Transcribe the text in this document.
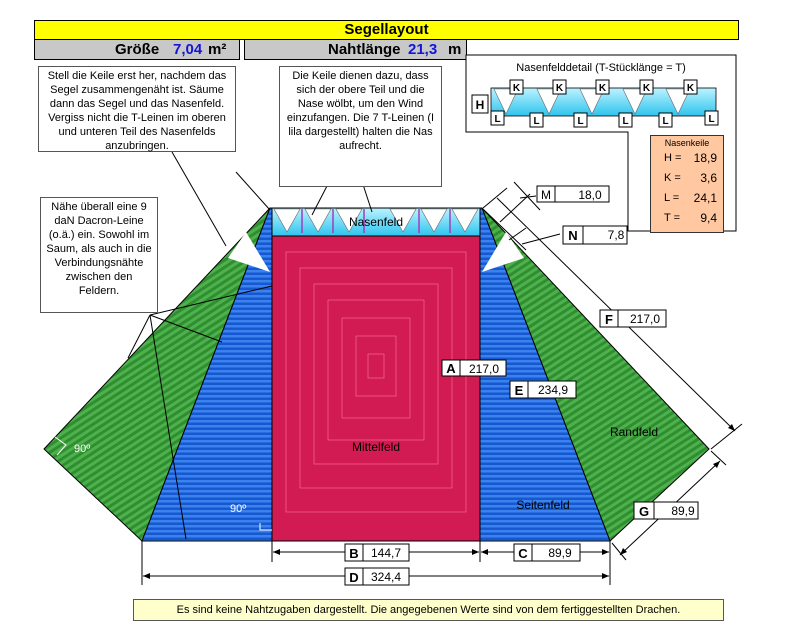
Segellayout
Größe 7,04 m²	Nahtlänge 21,3 m
90º
90º
Nasenfeld
Mittelfeld
Seitenfeld
Randfeld
M 18,0
N 7,8
F 217,0
A 217,0
E 234,9
G 89,9
B 144,7	C 89,9
D 324,4
Nasenfelddetail (T-Stücklänge = T)
H
K	K	K	K	K
L	L	L	L	L	L
Stell die Keile erst her, nachdem das Segel zusammengenäht ist. Säume dann das Segel und das Nasenfeld. Vergiss nicht die T-Leinen im oberen und unteren Teil des Nasenfelds anzubringen.
Die Keile dienen dazu, dass sich der obere Teil und die Nase wölbt, um den Wind einzufangen. Die 7 T-Leinen (I lila dargestellt) halten die Nas aufrecht.
Nähe überall eine 9 daN Dacron-Leine (o.ä.) ein. Sowohl im Saum, als auch in die Verbindungsnähte zwischen den Feldern.
Nasenkeile
H = 18,9
K = 3,6
L = 24,1
T = 9,4
Es sind keine Nahtzugaben dargestellt. Die angegebenen Werte sind von dem fertiggestellten Drachen.
